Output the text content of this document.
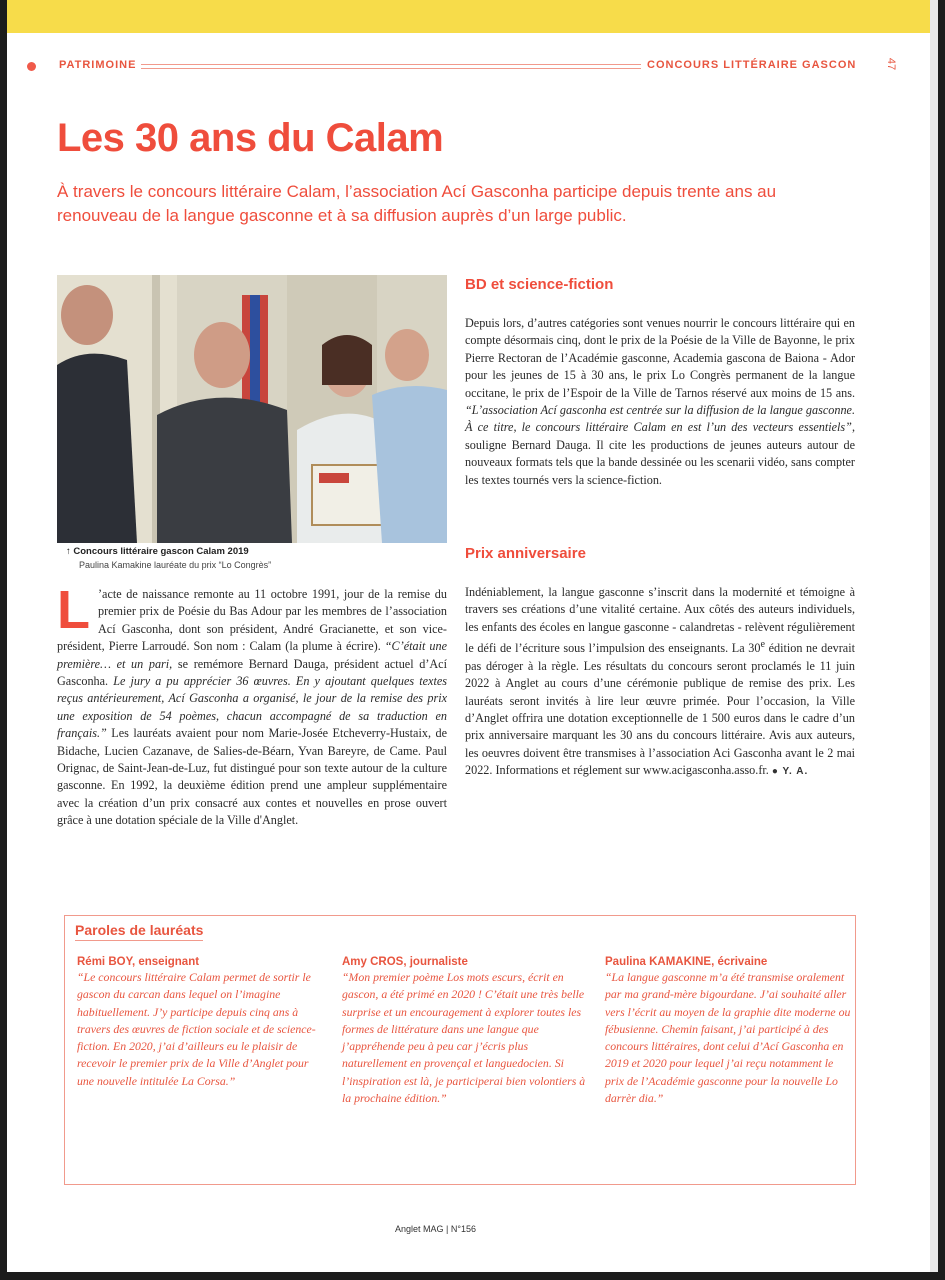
PATRIMOINE	CONCOURS LITTÉRAIRE GASCON	47
Les 30 ans du Calam

À travers le concours littéraire Calam, l’association Ací Gasconha participe depuis trente ans au renouveau de la langue gasconne et à sa diffusion auprès d’un large public.

↑ Concours littéraire gascon Calam 2019
Paulina Kamakine lauréate du prix “Lo Congrès”

L ’acte de naissance remonte au 11 octobre 1991, jour de la remise du premier prix de Poésie du Bas Adour par les membres de l’association Ací Gasconha, dont son président, André Gracianette, et son vice-président, Pierre Larroudé. Son nom : Calam (la plume à écrire). “C’était une première… et un pari, se remémore Bernard Dauga, président actuel d’Ací Gasconha. Le jury a pu apprécier 36 œuvres. En y ajoutant quelques textes reçus antérieurement, Ací Gasconha a organisé, le jour de la remise des prix une exposition de 54 poèmes, chacun accompagné de sa traduction en français.” Les lauréats avaient pour nom Marie-Josée Etcheverry-Hustaix, de Bidache, Lucien Cazanave, de Salies-de-Béarn, Yvan Bareyre, de Came. Paul Orignac, de Saint-Jean-de-Luz, fut distingué pour son texte autour de la culture gasconne. En 1992, la deuxième édition prend une ampleur supplémentaire avec la création d’un prix consacré aux contes et nouvelles en prose ouvert grâce à une dotation spéciale de la Ville d'Anglet.

BD et science-fiction

Depuis lors, d’autres catégories sont venues nourrir le concours littéraire qui en compte désormais cinq, dont le prix de la Poésie de la Ville de Bayonne, le prix Pierre Rectoran de l’Académie gasconne, Academia gascona de Baiona - Ador pour les jeunes de 15 à 30 ans, le prix Lo Congrès permanent de la langue occitane, le prix de l’Espoir de la Ville de Tarnos réservé aux moins de 15 ans. “L’association Ací gasconha est centrée sur la diffusion de la langue gasconne. À ce titre, le concours littéraire Calam en est l’un des vecteurs essentiels”, souligne Bernard Dauga. Il cite les productions de jeunes auteurs autour de nouveaux formats tels que la bande dessinée ou les scenarii vidéo, sans compter les textes tournés vers la science-fiction.

Prix anniversaire

Indéniablement, la langue gasconne s’inscrit dans la modernité et témoigne à travers ses créations d’une vitalité certaine. Aux côtés des auteurs individuels, les enfants des écoles en langue gasconne - calandretas - relèvent régulièrement le défi de l’écriture sous l’impulsion des enseignants. La 30e édition ne devrait pas déroger à la règle. Les résultats du concours seront proclamés le 11 juin 2022 à Anglet au cours d’une cérémonie publique de remise des prix. Les lauréats seront invités à lire leur œuvre primée. Pour l’occasion, la Ville d’Anglet offrira une dotation exceptionnelle de 1 500 euros dans le cadre d’un prix anniversaire marquant les 30 ans du concours littéraire. Avis aux auteurs, les oeuvres doivent être transmises à l’association Aci Gasconha avant le 2 mai 2022. Informations et réglement sur www.acigasconha.asso.fr. ● Y. A.

Paroles de lauréats

Rémi BOY, enseignant

“Le concours littéraire Calam permet de sortir le gascon du carcan dans lequel on l’imagine habituellement. J’y participe depuis cinq ans à travers des œuvres de fiction sociale et de science-fiction. En 2020, j’ai d’ailleurs eu le plaisir de recevoir le premier prix de la Ville d’Anglet pour une nouvelle intitulée La Corsa.”

Amy CROS, journaliste

“Mon premier poème Los mots escurs, écrit en gascon, a été primé en 2020 ! C’était une très belle surprise et un encouragement à explorer toutes les formes de littérature dans une langue que j’appréhende peu à peu car j’écris plus naturellement en provençal et languedocien. Si l’inspiration est là, je participerai bien volontiers à la prochaine édition.”

Paulina KAMAKINE, écrivaine

“La langue gasconne m’a été transmise oralement par ma grand-mère bigourdane. J’ai souhaité aller vers l’écrit au moyen de la graphie dite moderne ou fébusienne. Chemin faisant, j’ai participé à des concours littéraires, dont celui d’Ací Gasconha en 2019 et 2020 pour lequel j’ai reçu notamment le prix de l’Académie gasconne pour la nouvelle Lo darrèr dia.”

Anglet MAG | N°156
